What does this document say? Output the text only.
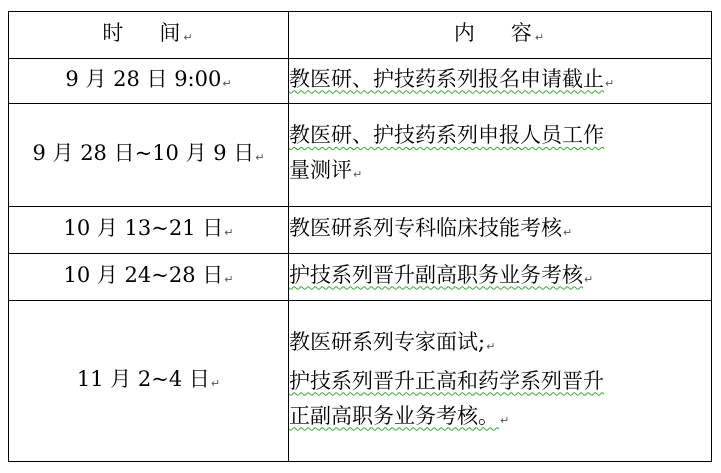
时 间↵	内 容↵
9 月 28 日 9:00↵	教医研、护技药系列报名申请截止↵

9 月 28 日~10 月 9 日↵	教医研、护技药系列申报人员工作
量测评↵

10 月 13~21 日↵	教医研系列专科临床技能考核↵

10 月 24~28 日↵	护技系列晋升副高职务业务考核↵

11 月 2~4 日↵	教医研系列专家面试;↵
护技系列晋升正高和药学系列晋升
正副高职务业务考核。↵
